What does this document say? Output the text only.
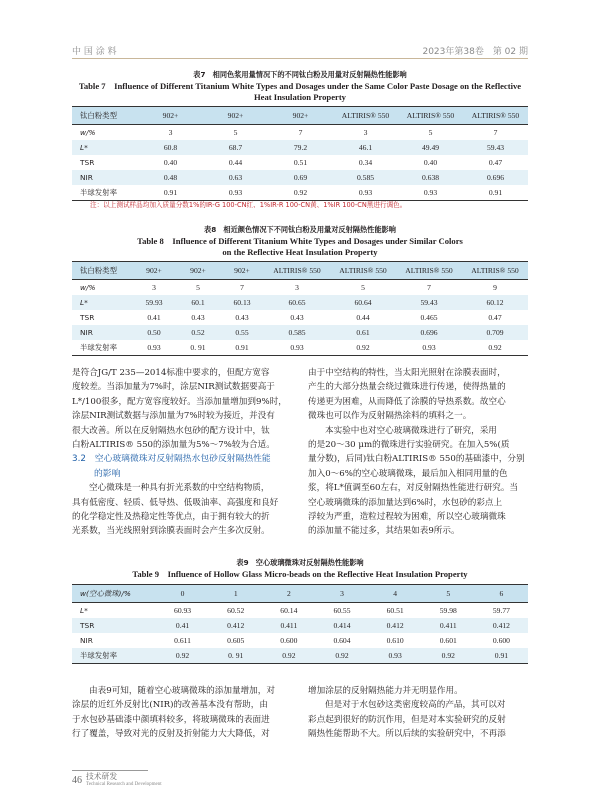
中 国 涂 料	2023年第38卷　第 02 期
表7　相同色浆用量情况下的不同钛白粉及用量对反射隔热性能影响
Table 7　Influence of Different Titanium White Types and Dosages under the Same Color Paste Dosage on the Reflective
Heat Insulation Property
钛白粉类型	902+	902+	902+	ALTIRIS® 550	ALTIRIS® 550	ALTIRIS® 550
w/%	3	5	7	3	5	7
L*	60.8	68.7	79.2	46.1	49.49	59.43
TSR	0.40	0.44	0.51	0.34	0.40	0.47
NIR	0.48	0.63	0.69	0.585	0.638	0.696
半球发射率	0.91	0.93	0.92	0.93	0.93	0.91
注：以上测试样品均加入质量分数1%的IR-G 100-CN红、1%IR-R 100-CN黄、1%IR 100-CN黑进行调色。
表8　相近颜色情况下不同钛白粉及用量对反射隔热性能影响
Table 8　Influence of Different Titanium White Types and Dosages under Similar Colors
on the Reflective Heat Insulation Property
钛白粉类型	902+	902+	902+	ALTIRIS® 550	ALTIRIS® 550	ALTIRIS® 550	ALTIRIS® 550
w/%	3	5	7	3	5	7	9
L*	59.93	60.1	60.13	60.65	60.64	59.43	60.12
TSR	0.41	0.43	0.43	0.43	0.44	0.465	0.47
NIR	0.50	0.52	0.55	0.585	0.61	0.696	0.709
半球发射率	0.93	0. 91	0.91	0.93	0.92	0.93	0.92

是符合JG/T 235—2014标准中要求的，但配方宽容

度较差。当添加量为7%时，涂层NIR测试数据要高于

L*/100很多，配方宽容度较好。当添加量增加到9%时，

涂层NIR测试数据与添加量为7%时较为接近，并没有

很大改善。所以在反射隔热水包砂的配方设计中，钛

白粉ALTIRIS® 550的添加量为5%～7%较为合适。

3.2　空心玻璃微珠对反射隔热水包砂反射隔热性能
的影响

空心微珠是一种具有折光系数的中空结构物质，

具有低密度、轻质、低导热、低吸油率、高强度和良好

的化学稳定性及热稳定性等优点，由于拥有较大的折

光系数，当光线照射到涂膜表面时会产生多次反射。

由于中空结构的特性，当太阳光照射在涂膜表面时，

产生的大部分热量会绕过微珠进行传递，使得热量的

传递更为困难，从而降低了涂膜的导热系数。故空心

微珠也可以作为反射隔热涂料的填料之一。

本实验中也对空心玻璃微珠进行了研究，采用

的是20～30 μm的微珠进行实验研究。在加入5%(质

量分数)，后同)钛白粉ALTIRIS® 550的基础漆中，分别

加入0～6%的空心玻璃微珠，最后加入相同用量的色

浆，将L*值调至60左右，对反射隔热性能进行研究。当

空心玻璃微珠的添加量达到6%时，水包砂的彩点上

浮较为严重，造粒过程较为困难，所以空心玻璃微珠

的添加量不能过多，其结果如表9所示。

表9　空心玻璃微珠对反射隔热性能影响
Table 9　Influence of Hollow Glass Micro-beads on the Reflective Heat Insulation Property
w(空心微珠)/%	0	1	2	3	4	5	6
L*	60.93	60.52	60.14	60.55	60.51	59.98	59.77
TSR	0.41	0.412	0.411	0.414	0.412	0.411	0.412
NIR	0.611	0.605	0.600	0.604	0.610	0.601	0.600
半球发射率	0.92	0. 91	0.92	0.92	0.93	0.92	0.91

由表9可知，随着空心玻璃微珠的添加量增加，对

涂层的近红外反射比(NIR)的改善基本没有帮助，由

于水包砂基础漆中颜填料较多，将玻璃微珠的表面进

行了覆盖，导致对光的反射及折射能力大大降低，对

增加涂层的反射隔热能力并无明显作用。

但是对于水包砂这类密度较高的产品，其可以对

彩点起到很好的防沉作用，但是对本实验研究的反射

隔热性能帮助不大。所以后续的实验研究中，不再添

46 技术研发
Technical Research and Development
